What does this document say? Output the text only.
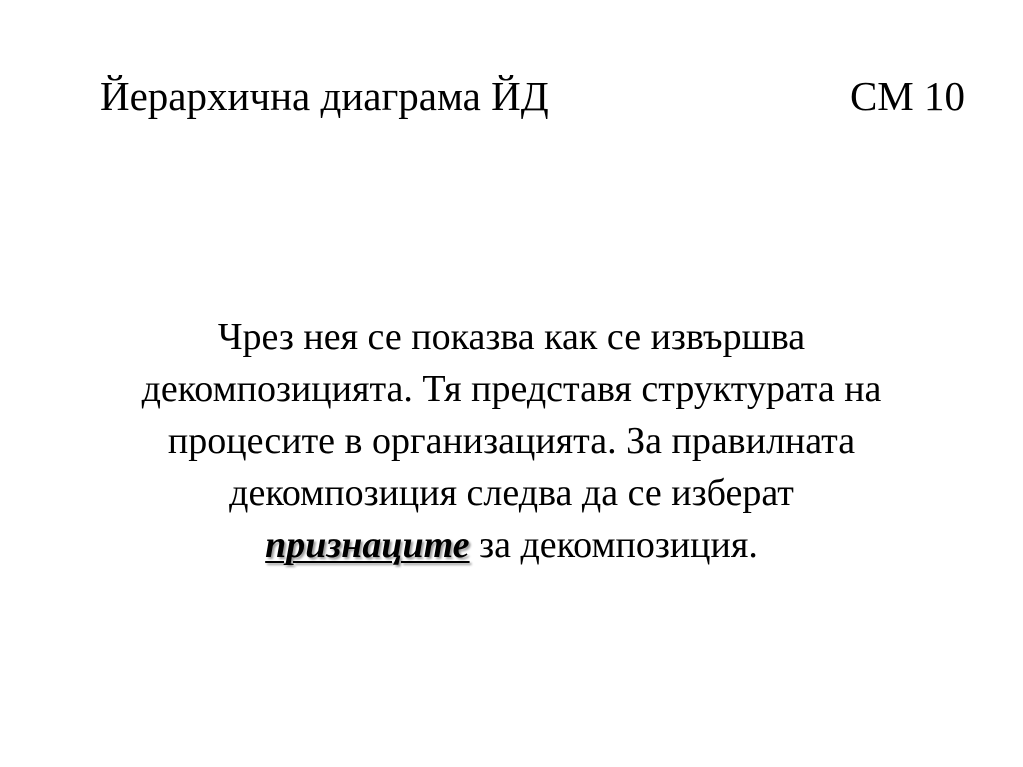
Йерархична диаграма ЙД	СМ 10
Чрез нея се показва как се извършва
декомпозицията. Тя представя структурата на
процесите в организацията. За правилната
декомпозиция следва да се изберат
признаците за декомпозиция.
